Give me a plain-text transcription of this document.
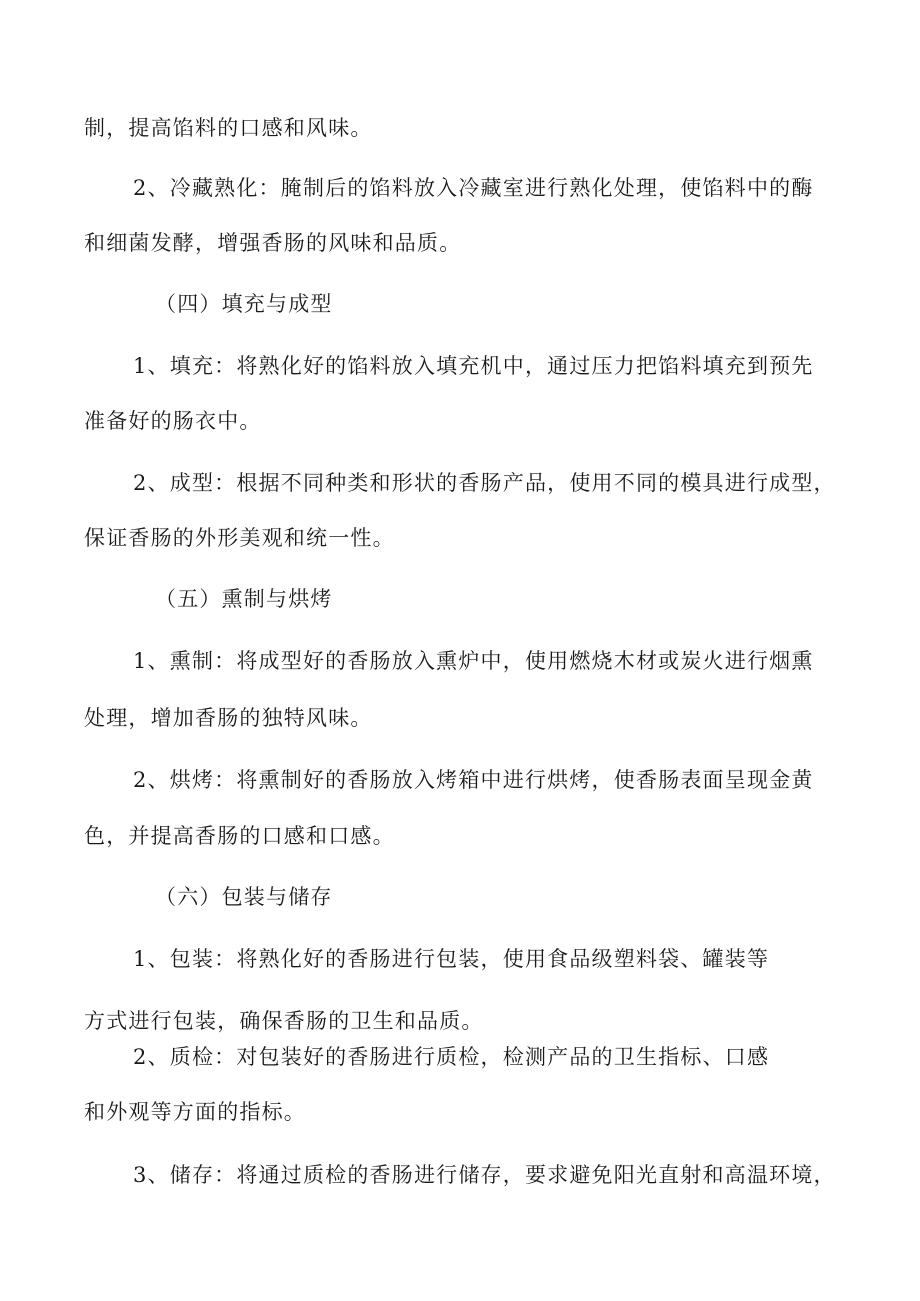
制，提高馅料的口感和风味。
2、冷藏熟化：腌制后的馅料放入冷藏室进行熟化处理，使馅料中的酶
和细菌发酵，增强香肠的风味和品质。
（四）填充与成型
1、填充：将熟化好的馅料放入填充机中，通过压力把馅料填充到预先
准备好的肠衣中。
2、成型：根据不同种类和形状的香肠产品，使用不同的模具进行成型，
保证香肠的外形美观和统一性。
（五）熏制与烘烤
1、熏制：将成型好的香肠放入熏炉中，使用燃烧木材或炭火进行烟熏
处理，增加香肠的独特风味。
2、烘烤：将熏制好的香肠放入烤箱中进行烘烤，使香肠表面呈现金黄
色，并提高香肠的口感和口感。
（六）包装与储存
1、包装：将熟化好的香肠进行包装，使用食品级塑料袋、罐装等
方式进行包装，确保香肠的卫生和品质。
2、质检：对包装好的香肠进行质检，检测产品的卫生指标、口感
和外观等方面的指标。
3、储存：将通过质检的香肠进行储存，要求避免阳光直射和高温环境，
